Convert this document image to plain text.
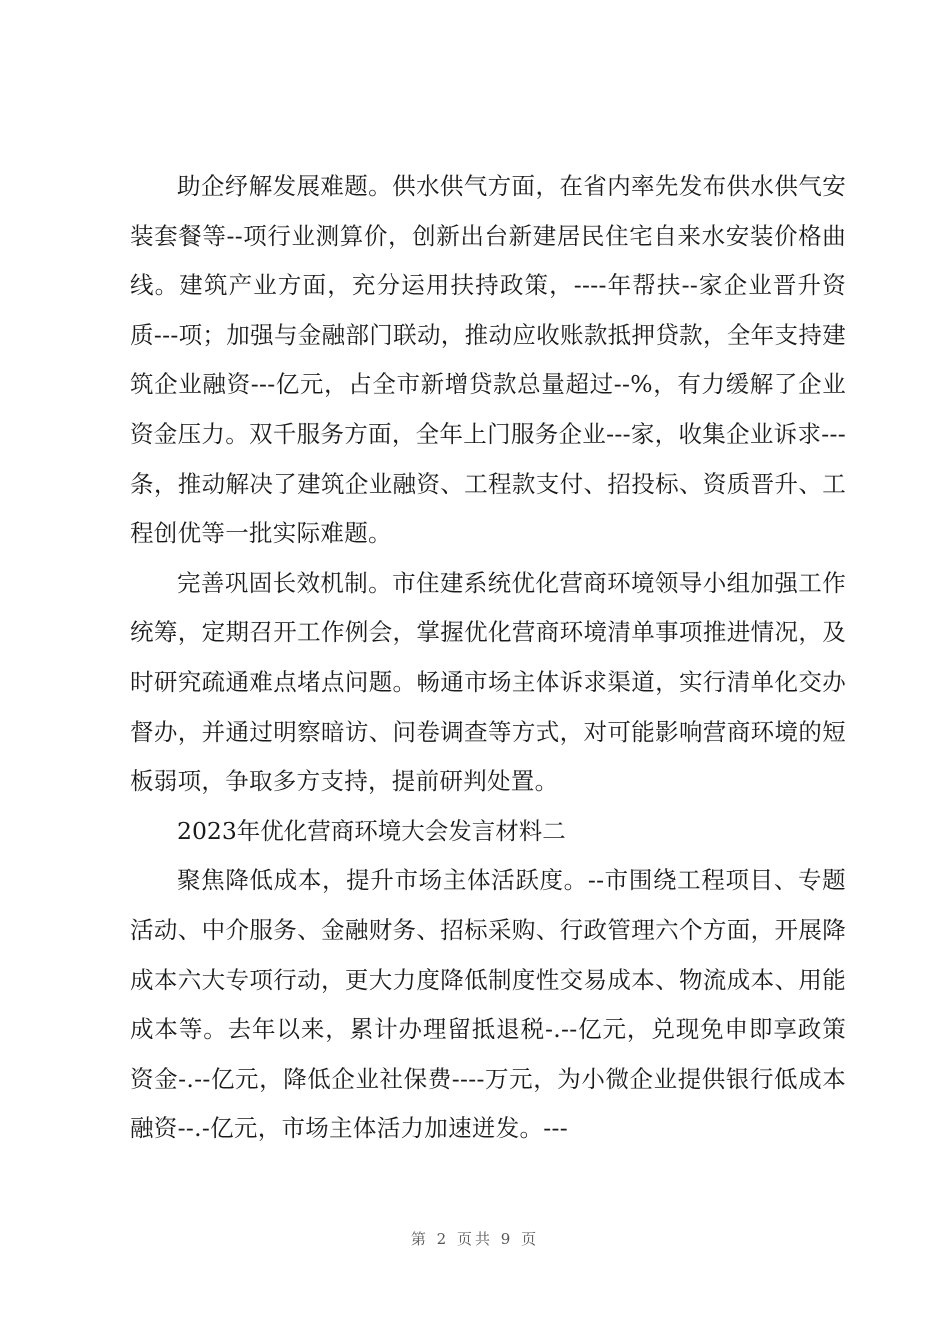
助企纾解发展难题。供水供气方面，在省内率先发布供水供气安装套餐等--项行业测算价，创新出台新建居民住宅自来水安装价格曲线。建筑产业方面，充分运用扶持政策，----年帮扶--家企业晋升资质---项；加强与金融部门联动，推动应收账款抵押贷款，全年支持建筑企业融资---亿元，占全市新增贷款总量超过--%，有力缓解了企业资金压力。双千服务方面，全年上门服务企业---家，收集企业诉求---条，推动解决了建筑企业融资、工程款支付、招投标、资质晋升、工程创优等一批实际难题。

完善巩固长效机制。市住建系统优化营商环境领导小组加强工作统筹，定期召开工作例会，掌握优化营商环境清单事项推进情况，及时研究疏通难点堵点问题。畅通市场主体诉求渠道，实行清单化交办督办，并通过明察暗访、问卷调查等方式，对可能影响营商环境的短板弱项，争取多方支持，提前研判处置。

2023年优化营商环境大会发言材料二

聚焦降低成本，提升市场主体活跃度。--市围绕工程项目、专题活动、中介服务、金融财务、招标采购、行政管理六个方面，开展降成本六大专项行动，更大力度降低制度性交易成本、物流成本、用能成本等。去年以来，累计办理留抵退税-.--亿元，兑现免申即享政策资金-.--亿元，降低企业社保费----万元，为小微企业提供银行低成本融资--.-亿元，市场主体活力加速迸发。---

第 2 页共 9 页
